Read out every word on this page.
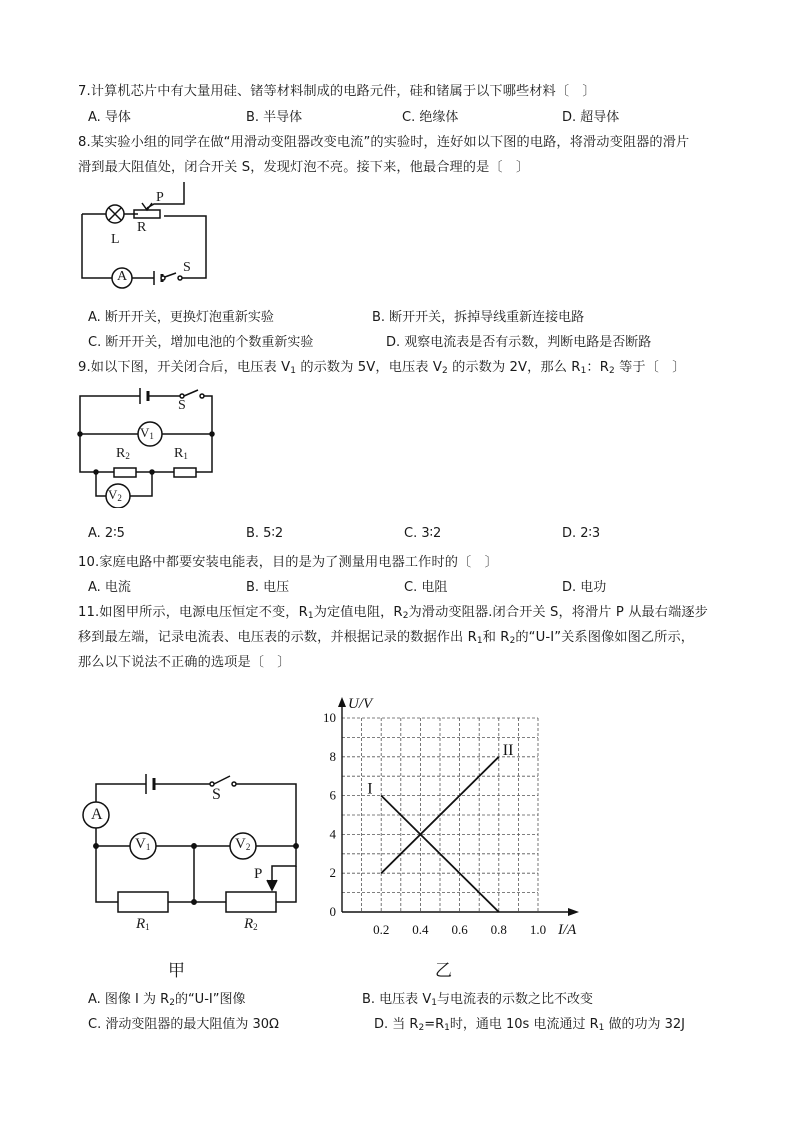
7.计算机芯片中有大量用硅、锗等材料制成的电路元件，硅和锗属于以下哪些材料〔　〕
A. 导体	B. 半导体	C. 绝缘体	D. 超导体
8.某实验小组的同学在做“用滑动变阻器改变电流”的实验时，连好如以下图的电路，将滑动变阻器的滑片
滑到最大阻值处，闭合开关 S，发现灯泡不亮。接下来，他最合理的是〔　〕
L
R
P
S
A
A. 断开开关，更换灯泡重新实验	B. 断开开关，拆掉导线重新连接电路
C. 断开开关，增加电池的个数重新实验	D. 观察电流表是否有示数，判断电路是否断路
9.如以下图，开关闭合后，电压表 $V_1$ 的示数为 5V，电压表 $V_2$ 的示数为 2V，那么 $R_1$：$R_2$ 等于〔　〕
S
$V_1$
$R_2$	$R_1$
$V_2$
A. 2∶5	B. 5∶2	C. 3∶2	D. 2∶3
10.家庭电路中都要安装电能表，目的是为了测量用电器工作时的〔　〕
A. 电流	B. 电压	C. 电阻	D. 电功
11.如图甲所示，电源电压恒定不变，$R_1$为定值电阻，$R_2$为滑动变阻器.闭合开关 S，将滑片 P 从最右端逐步
移到最左端，记录电流表、电压表的示数，并根据记录的数据作出 $R_1$和 $R_2$的“U-I”关系图像如图乙所示，
那么以下说法不正确的选项是〔　〕
A
S
$V_1$	$V_2$
P
$R_1$	$R_2$
0
2
4
6
8
10
0.2 0.4 0.6 0.8 1.0
U/V
I/A
I
II
甲	乙
A. 图像 I 为 $R_2$的“U-I”图像	B. 电压表 $V_1$与电流表的示数之比不改变
C. 滑动变阻器的最大阻值为 30Ω	D. 当 $R_2=R_1$时，通电 10s 电流通过 $R_1$ 做的功为 32J
